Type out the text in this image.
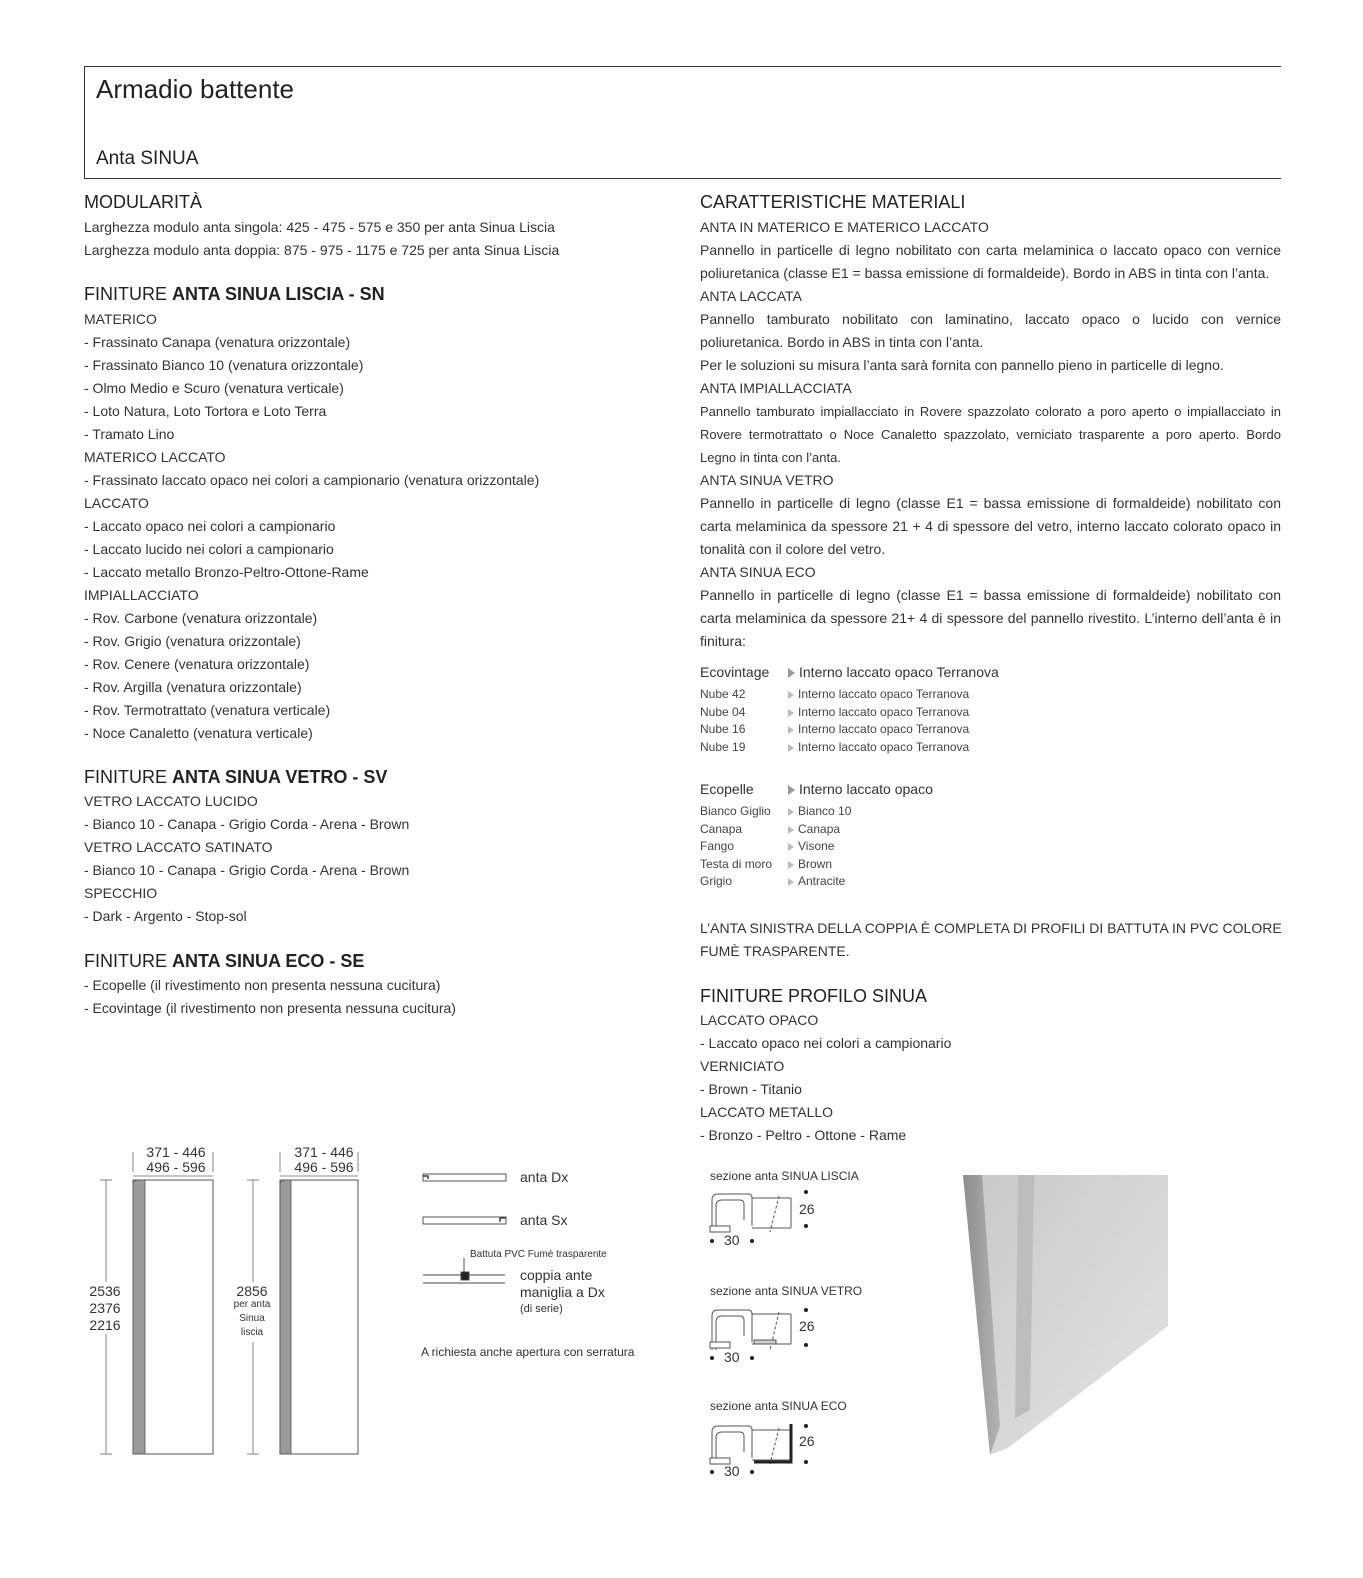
Armadio battente
Anta SINUA
MODULARITÀ
Larghezza modulo anta singola: 425 - 475 - 575 e 350 per anta Sinua Liscia
Larghezza modulo anta doppia: 875 - 975 - 1175 e 725 per anta Sinua Liscia
FINITURE ANTA SINUA LISCIA - SN
MATERICO
- Frassinato Canapa (venatura orizzontale)
- Frassinato Bianco 10 (venatura orizzontale)
- Olmo Medio e Scuro (venatura verticale)
- Loto Natura, Loto Tortora e Loto Terra
- Tramato Lino
MATERICO LACCATO
- Frassinato laccato opaco nei colori a campionario (venatura orizzontale)
LACCATO
- Laccato opaco nei colori a campionario
- Laccato lucido nei colori a campionario
- Laccato metallo Bronzo-Peltro-Ottone-Rame
IMPIALLACCIATO
- Rov. Carbone (venatura orizzontale)
- Rov. Grigio (venatura orizzontale)
- Rov. Cenere (venatura orizzontale)
- Rov. Argilla (venatura orizzontale)
- Rov. Termotrattato (venatura verticale)
- Noce Canaletto (venatura verticale)
FINITURE ANTA SINUA VETRO - SV
VETRO LACCATO LUCIDO
- Bianco 10 - Canapa - Grigio Corda - Arena - Brown
VETRO LACCATO SATINATO
- Bianco 10 - Canapa - Grigio Corda - Arena - Brown
SPECCHIO
- Dark - Argento - Stop-sol
FINITURE ANTA SINUA ECO - SE
- Ecopelle (il rivestimento non presenta nessuna cucitura)
- Ecovintage (il rivestimento non presenta nessuna cucitura)
CARATTERISTICHE MATERIALI
ANTA IN MATERICO E MATERICO LACCATO
Pannello in particelle di legno nobilitato con carta melaminica o laccato opaco con vernice poliuretanica (classe E1 = bassa emissione di formaldeide). Bordo in ABS in tinta con l’anta.
ANTA LACCATA
Pannello tamburato nobilitato con laminatino, laccato opaco o lucido con vernice poliuretanica. Bordo in ABS in tinta con l’anta.
Per le soluzioni su misura l’anta sarà fornita con pannello pieno in particelle di legno.
ANTA IMPIALLACCIATA
Pannello tamburato impiallacciato in Rovere spazzolato colorato a poro aperto o impiallacciato in Rovere termotrattato o Noce Canaletto spazzolato, verniciato trasparente a poro aperto. Bordo Legno in tinta con l’anta.
ANTA SINUA VETRO
Pannello in particelle di legno (classe E1 = bassa emissione di formaldeide) nobilitato con carta melaminica da spessore 21 + 4 di spessore del vetro, interno laccato colorato opaco in tonalità con il colore del vetro.
ANTA SINUA ECO
Pannello in particelle di legno (classe E1 = bassa emissione di formaldeide) nobilitato con carta melaminica da spessore 21+ 4 di spessore del pannello rivestito. L’interno dell’anta è in finitura:
Ecovintage	Interno laccato opaco Terranova
Nube 42	Interno laccato opaco Terranova
Nube 04	Interno laccato opaco Terranova
Nube 16	Interno laccato opaco Terranova
Nube 19	Interno laccato opaco Terranova
Ecopelle	Interno laccato opaco
Bianco Giglio	Bianco 10
Canapa	Canapa
Fango	Visone
Testa di moro	Brown
Grigio	Antracite
L’ANTA SINISTRA DELLA COPPIA È COMPLETA DI PROFILI DI BATTUTA IN PVC COLORE
FUMÈ TRASPARENTE.
FINITURE PROFILO SINUA
LACCATO OPACO
- Laccato opaco nei colori a campionario
VERNICIATO
- Brown - Titanio
LACCATO METALLO
- Bronzo - Peltro - Ottone - Rame
371 - 446
496 - 596
371 - 446
496 - 596
2536
2376
2216
2856
per anta
Sinua
liscia
anta Dx
anta Sx
Battuta PVC Fumè trasparente
coppia ante
maniglia a Dx
(di serie)
A richiesta anche apertura con serratura
sezione anta SINUA LISCIA
26
30
sezione anta SINUA VETRO
26
30
sezione anta SINUA ECO
26
30
